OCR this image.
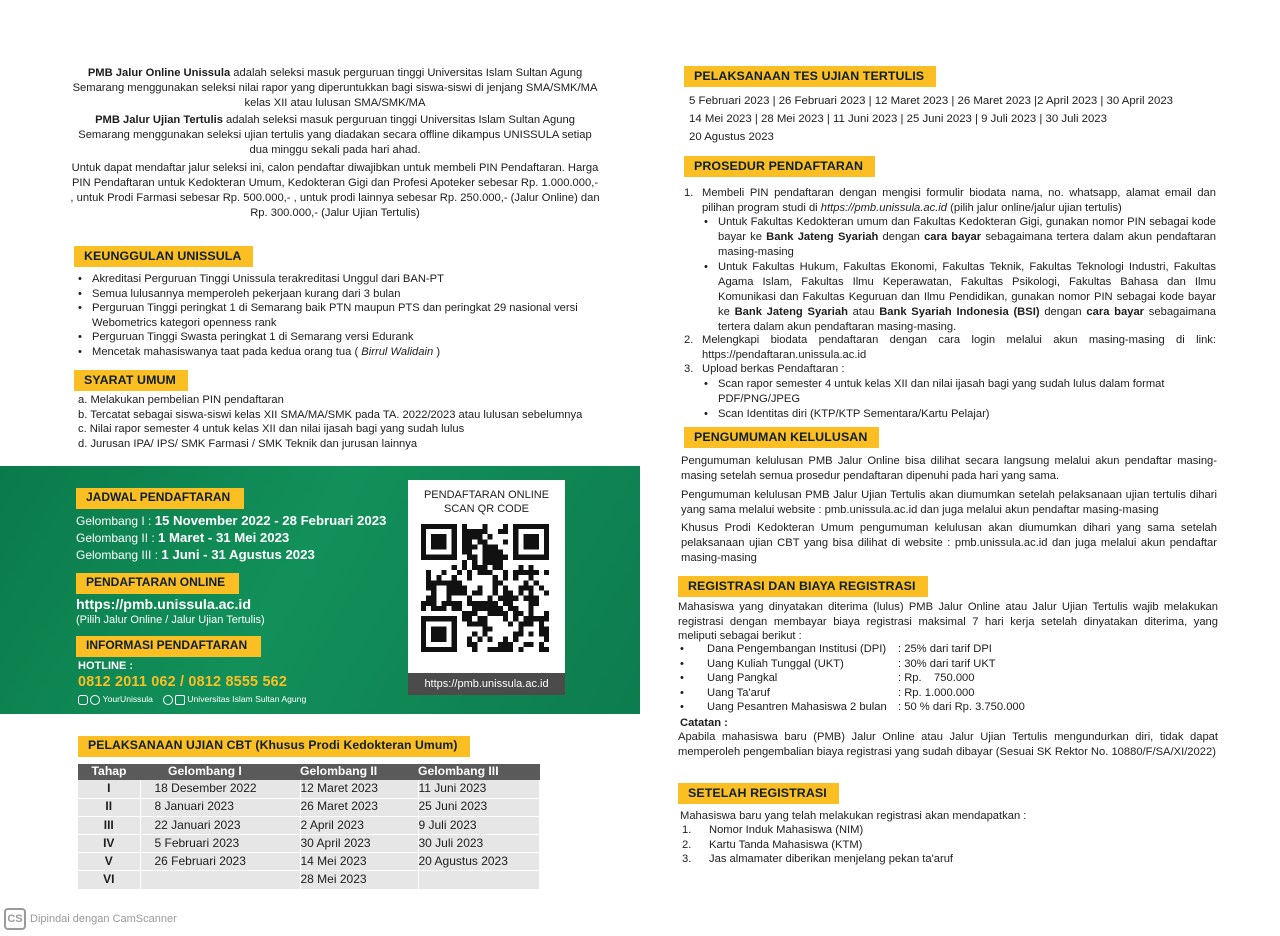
PMB Jalur Online Unissula adalah seleksi masuk perguruan tinggi Universitas Islam Sultan Agung Semarang menggunakan seleksi nilai rapor yang diperuntukkan bagi siswa-siswi di jenjang SMA/SMK/MA kelas XII atau lulusan SMA/SMK/MA
PMB Jalur Ujian Tertulis adalah seleksi masuk perguruan tinggi Universitas Islam Sultan Agung Semarang menggunakan seleksi ujian tertulis yang diadakan secara offline dikampus UNISSULA setiap dua minggu sekali pada hari ahad.
Untuk dapat mendaftar jalur seleksi ini, calon pendaftar diwajibkan untuk membeli PIN Pendaftaran. Harga PIN Pendaftaran untuk Kedokteran Umum, Kedokteran Gigi dan Profesi Apoteker sebesar Rp. 1.000.000,- , untuk Prodi Farmasi sebesar Rp. 500.000,- , untuk prodi lainnya sebesar Rp. 250.000,- (Jalur Online) dan Rp. 300.000,- (Jalur Ujian Tertulis)
KEUNGGULAN UNISSULA
• Akreditasi Perguruan Tinggi Unissula terakreditasi Unggul dari BAN-PT
• Semua lulusannya memperoleh pekerjaan kurang dari 3 bulan
• Perguruan Tinggi peringkat 1 di Semarang baik PTN maupun PTS dan peringkat 29 nasional versi Webometrics kategori openness rank
• Perguruan Tinggi Swasta peringkat 1 di Semarang versi Edurank
• Mencetak mahasiswanya taat pada kedua orang tua ( Birrul Walidain )
SYARAT UMUM
a. Melakukan pembelian PIN pendaftaran
b. Tercatat sebagai siswa-siswi kelas XII SMA/MA/SMK pada TA. 2022/2023 atau lulusan sebelumnya
c. Nilai rapor semester 4 untuk kelas XII dan nilai ijasah bagi yang sudah lulus
d. Jurusan IPA/ IPS/ SMK Farmasi / SMK Teknik dan jurusan lainnya
JADWAL PENDAFTARAN
Gelombang I : 15 November 2022 - 28 Februari 2023
Gelombang II : 1 Maret - 31 Mei 2023
Gelombang III : 1 Juni - 31 Agustus 2023
PENDAFTARAN ONLINE
https://pmb.unissula.ac.id
(Pilih Jalur Online / Jalur Ujian Tertulis)
INFORMASI PENDAFTARAN
HOTLINE :
0812 2011 062 / 0812 8555 562
YourUnissula	Universitas Islam Sultan Agung
PENDAFTARAN ONLINE
SCAN QR CODE
https://pmb.unissula.ac.id
PELAKSANAAN UJIAN CBT (Khusus Prodi Kedokteran Umum)
Tahap	Gelombang I	Gelombang II	Gelombang III
I	18 Desember 2022	12 Maret 2023	11 Juni 2023
II	8 Januari 2023	26 Maret 2023	25 Juni 2023
III	22 Januari 2023	2 April 2023	9 Juli 2023
IV	5 Februari 2023	30 April 2023	30 Juli 2023
V	26 Februari 2023	14 Mei 2023	20 Agustus 2023
VI		28 Mei 2023	
PELAKSANAAN TES UJIAN TERTULIS
5 Februari 2023 | 26 Februari 2023 | 12 Maret 2023 | 26 Maret 2023 |2 April 2023 | 30 April 2023
14 Mei 2023 | 28 Mei 2023 | 11 Juni 2023 | 25 Juni 2023 | 9 Juli 2023 | 30 Juli 2023
20 Agustus 2023
PROSEDUR PENDAFTARAN
1. Membeli PIN pendaftaran dengan mengisi formulir biodata nama, no. whatsapp, alamat email dan pilihan program studi di https://pmb.unissula.ac.id (pilih jalur online/jalur ujian tertulis)
• Untuk Fakultas Kedokteran umum dan Fakultas Kedokteran Gigi, gunakan nomor PIN sebagai kode bayar ke Bank Jateng Syariah dengan cara bayar sebagaimana tertera dalam akun pendaftaran masing-masing
• Untuk Fakultas Hukum, Fakultas Ekonomi, Fakultas Teknik, Fakultas Teknologi Industri, Fakultas Agama Islam, Fakultas Ilmu Keperawatan, Fakultas Psikologi, Fakultas Bahasa dan Ilmu Komunikasi dan Fakultas Keguruan dan Ilmu Pendidikan, gunakan nomor PIN sebagai kode bayar ke Bank Jateng Syariah atau Bank Syariah Indonesia (BSI) dengan cara bayar sebagaimana tertera dalam akun pendaftaran masing-masing.
2. Melengkapi biodata pendaftaran dengan cara login melalui akun masing-masing di link: https://pendaftaran.unissula.ac.id
3. Upload berkas Pendaftaran :
• Scan rapor semester 4 untuk kelas XII dan nilai ijasah bagi yang sudah lulus dalam format PDF/PNG/JPEG
• Scan Identitas diri (KTP/KTP Sementara/Kartu Pelajar)
PENGUMUMAN KELULUSAN
Pengumuman kelulusan PMB Jalur Online bisa dilihat secara langsung melalui akun pendaftar masing-masing setelah semua prosedur pendaftaran dipenuhi pada hari yang sama.
Pengumuman kelulusan PMB Jalur Ujian Tertulis akan diumumkan setelah pelaksanaan ujian tertulis dihari yang sama melalui website : pmb.unissula.ac.id dan juga melalui akun pendaftar masing-masing
Khusus Prodi Kedokteran Umum pengumuman kelulusan akan diumumkan dihari yang sama setelah pelaksanaan ujian CBT yang bisa dilihat di website : pmb.unissula.ac.id dan juga melalui akun pendaftar masing-masing
REGISTRASI DAN BIAYA REGISTRASI
Mahasiswa yang dinyatakan diterima (lulus) PMB Jalur Online atau Jalur Ujian Tertulis wajib melakukan registrasi dengan membayar biaya registrasi maksimal 7 hari kerja setelah dinyatakan diterima, yang meliputi sebagai berikut :
• Dana Pengembangan Institusi (DPI) : 25% dari tarif DPI
• Uang Kuliah Tunggal (UKT)	: 30% dari tarif UKT
• Uang Pangkal	: Rp.    750.000
• Uang Ta'aruf	: Rp. 1.000.000
• Uang Pesantren Mahasiswa 2 bulan : 50 % dari Rp. 3.750.000
Catatan :
Apabila mahasiswa baru (PMB) Jalur Online atau Jalur Ujian Tertulis mengundurkan diri, tidak dapat memperoleh pengembalian biaya registrasi yang sudah dibayar (Sesuai SK Rektor No. 10880/F/SA/XI/2022)
SETELAH REGISTRASI
Mahasiswa baru yang telah melakukan registrasi akan mendapatkan :
1. Nomor Induk Mahasiswa (NIM)
2. Kartu Tanda Mahasiswa (KTM)
3. Jas almamater diberikan menjelang pekan ta'aruf
CS Dipindai dengan CamScanner
